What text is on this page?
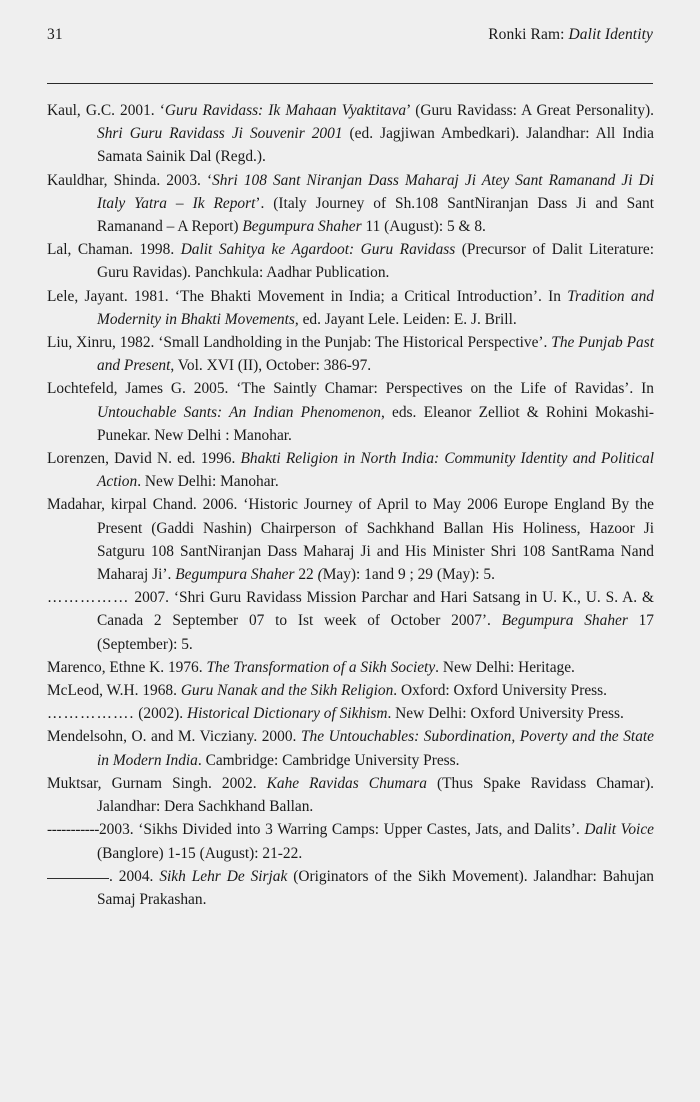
31	Ronki Ram: Dalit Identity

Kaul, G.C. 2001. ‘Guru Ravidass: Ik Mahaan Vyaktitava’ (Guru Ravidass: A Great Personality). Shri Guru Ravidass Ji Souvenir 2001 (ed. Jagjiwan Ambedkari). Jalandhar: All India Samata Sainik Dal (Regd.).

Kauldhar, Shinda. 2003. ‘Shri 108 Sant Niranjan Dass Maharaj Ji Atey Sant Ramanand Ji Di Italy Yatra – Ik Report’. (Italy Journey of Sh.108 SantNiranjan Dass Ji and Sant Ramanand – A Report) Begumpura Shaher 11 (August): 5 & 8.

Lal, Chaman. 1998. Dalit Sahitya ke Agardoot: Guru Ravidass (Precursor of Dalit Literature: Guru Ravidas). Panchkula: Aadhar Publication.

Lele, Jayant. 1981. ‘The Bhakti Movement in India; a Critical Introduction’. In Tradition and Modernity in Bhakti Movements, ed. Jayant Lele. Leiden: E. J. Brill.

Liu, Xinru, 1982. ‘Small Landholding in the Punjab: The Historical Perspective’. The Punjab Past and Present, Vol. XVI (II), October: 386-97.

Lochtefeld, James G. 2005. ‘The Saintly Chamar: Perspectives on the Life of Ravidas’. In Untouchable Sants: An Indian Phenomenon, eds. Eleanor Zelliot & Rohini Mokashi-Punekar. New Delhi : Manohar.

Lorenzen, David N. ed. 1996. Bhakti Religion in North India: Community Identity and Political Action. New Delhi: Manohar.

Madahar, kirpal Chand. 2006. ‘Historic Journey of April to May 2006 Europe England By the Present (Gaddi Nashin) Chairperson of Sachkhand Ballan His Holiness, Hazoor Ji Satguru 108 SantNiranjan Dass Maharaj Ji and His Minister Shri 108 SantRama Nand Maharaj Ji’. Begumpura Shaher 22 (May): 1and 9 ; 29 (May): 5.

…………… 2007. ‘Shri Guru Ravidass Mission Parchar and Hari Satsang in U. K., U. S. A. & Canada 2 September 07 to Ist week of October 2007’. Begumpura Shaher 17 (September): 5.

Marenco, Ethne K. 1976. The Transformation of a Sikh Society. New Delhi: Heritage.

McLeod, W.H. 1968. Guru Nanak and the Sikh Religion. Oxford: Oxford University Press.

……………. (2002). Historical Dictionary of Sikhism. New Delhi: Oxford University Press.

Mendelsohn, O. and M. Vicziany. 2000. The Untouchables: Subordination, Poverty and the State in Modern India. Cambridge: Cambridge University Press.

Muktsar, Gurnam Singh. 2002. Kahe Ravidas Chumara (Thus Spake Ravidass Chamar). Jalandhar: Dera Sachkhand Ballan.

-----------2003. ‘Sikhs Divided into 3 Warring Camps: Upper Castes, Jats, and Dalits’. Dalit Voice (Banglore) 1-15 (August): 21-22.

. 2004. Sikh Lehr De Sirjak (Originators of the Sikh Movement). Jalandhar: Bahujan Samaj Prakashan.
